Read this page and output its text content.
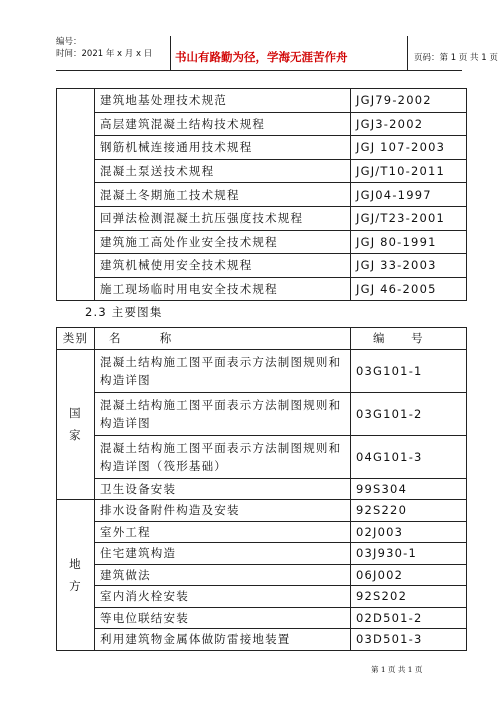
编号：
时间：2021 年 x 月 x 日 书山有路勤为径，学海无涯苦作舟	页码：第 1 页 共 1 页
	建筑地基处理技术规范	JGJ79-2002
	高层建筑混凝土结构技术规程	JGJ3-2002
	钢筋机械连接通用技术规程	JGJ 107-2003
	混凝土泵送技术规程	JGJ/T10-2011
	混凝土冬期施工技术规程	JGJ04-1997
	回弹法检测混凝土抗压强度技术规程	JGJ/T23-2001
	建筑施工高处作业安全技术规程	JGJ 80-1991
	建筑机械使用安全技术规程	JGJ 33-2003
	施工现场临时用电安全技术规程	JGJ 46-2005
2.3 主要图集
类别	名　　　称	编　　号
国家	混凝土结构施工图平面表示方法制图规则和构造详图	03G101-1
	混凝土结构施工图平面表示方法制图规则和构造详图	03G101-2
	混凝土结构施工图平面表示方法制图规则和构造详图（筏形基础）	04G101-3
	卫生设备安装	99S304
地方	排水设备附件构造及安装	92S220
	室外工程	02J003
	住宅建筑构造	03J930-1
	建筑做法	06J002
	室内消火栓安装	92S202
	等电位联结安装	02D501-2
	利用建筑物金属体做防雷接地装置	03D501-3
第 1 页 共 1 页
